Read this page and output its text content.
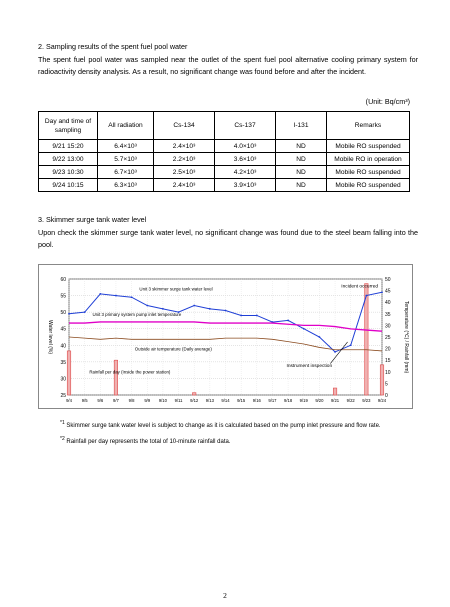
2. Sampling results of the spent fuel pool water
The spent fuel pool water was sampled near the outlet of the spent fuel pool alternative cooling primary system for radioactivity density analysis. As a result, no significant change was found before and after the incident.
(Unit: Bq/cm³)
Day and time of sampling	All radiation	Cs-134	Cs-137	I-131	Remarks
9/21 15:20	6.4×10³	2.4×10³	4.0×10³	ND	Mobile RO suspended
9/22 13:00	5.7×10³	2.2×10³	3.6×10³	ND	Mobile RO in operation
9/23 10:30	6.7×10³	2.5×10³	4.2×10³	ND	Mobile RO suspended
9/24 10:15	6.3×10³	2.4×10³	3.9×10³	ND	Mobile RO suspended
3. Skimmer surge tank water level
Upon check the skimmer surge tank water level, no significant change was found due to the steel beam falling into the pool.
25
30
35
40
45
50
55
60
0
5
10
15
20
25
30
35
40
45
50
9/4 9/5 9/6 9/7 9/8 9/9 9/10 9/11 9/12 9/13 9/14 9/15 9/16 9/17 9/18 9/19 9/20 9/21 9/22 9/23 9/24
Water level (%)	Temperature (℃) / Rainfall (mm)
Unit 3 skimmer surge tank water level
Unit 3 primary system pump inlet temperature
Outside air temperature (Daily average)
Rainfall per day (Inside the power station)
Incident occurred
Instrument inspection
$^{*1}$ Skimmer surge tank water level is subject to change as it is calculated based on the pump inlet pressure and flow rate.
$^{*2}$ Rainfall per day represents the total of 10-minute rainfall data.
2
